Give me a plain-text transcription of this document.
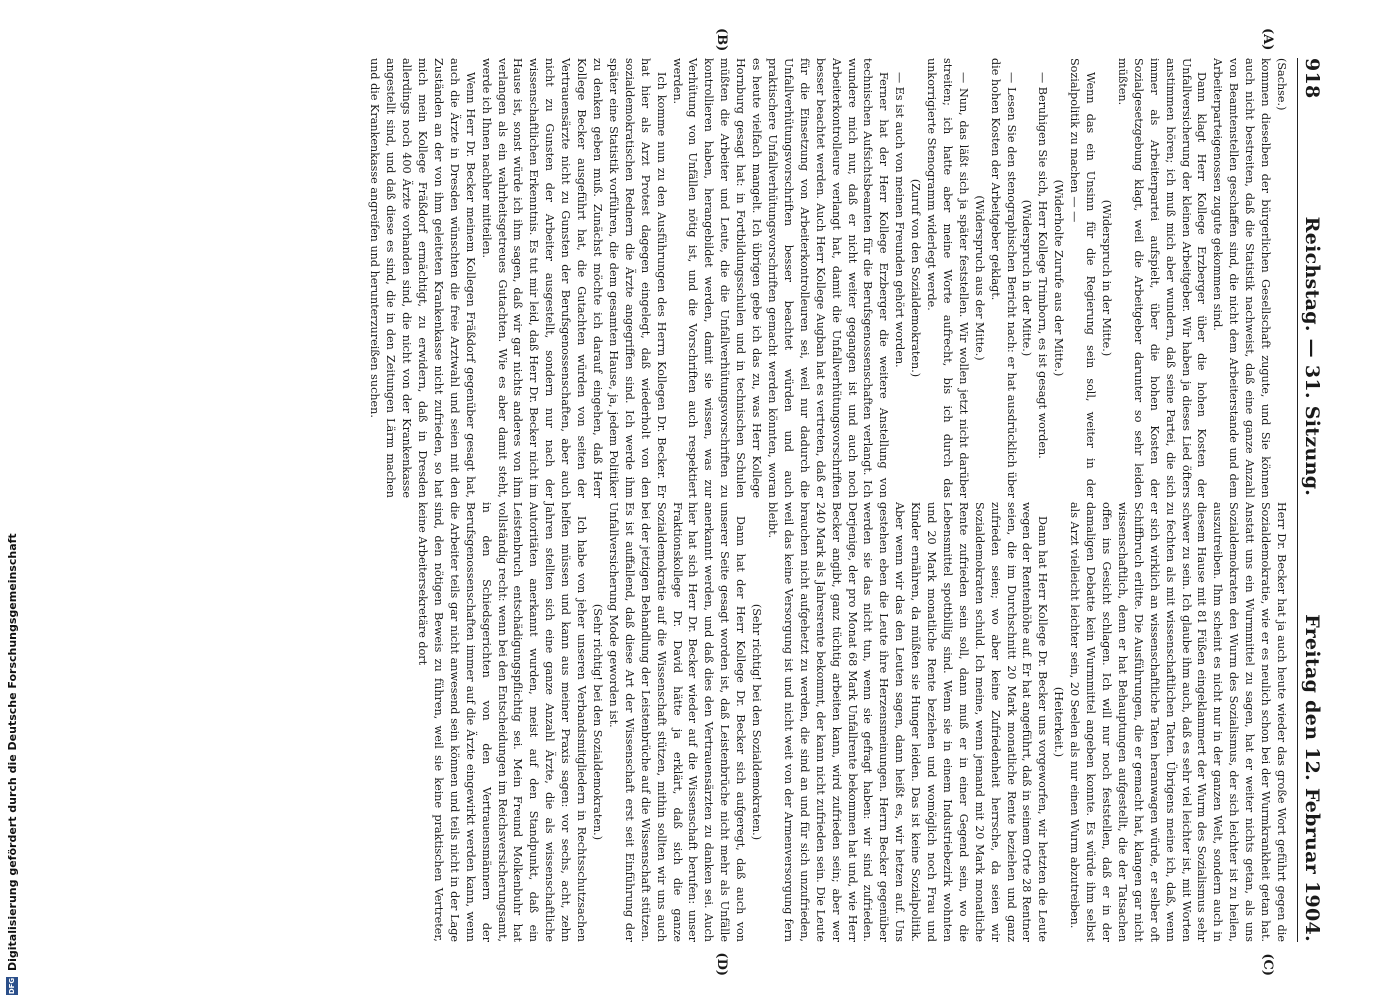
918
Reichstag. — 31. Sitzung.
Freitag den 12. Februar 1904.
(A)
(B)
(C)
(D)

(Sachse.)

kommen dieselben der bürgerlichen Gesellschaft zugute, und Sie können auch nicht bestreiten, daß die Statistik nachweist, daß eine ganze Anzahl von Beamtenstellen geschaffen sind, die nicht dem Arbeiterstande und dem Arbeiterparteigenossen zugute gekommen sind.

Dann klagt Herr Kollege Erzberger über die hohen Kosten der Unfallversicherung der kleinen Arbeitgeber. Wir haben ja dieses Lied öfters anstimmen hören; ich muß mich aber wundern, daß seine Partei, die sich immer als Arbeiterpartei aufspielt, über die hohen Kosten der Sozialgesetzgebung klagt, weil die Arbeitgeber darunter so sehr leiden müßten.

(Widerspruch in der Mitte.)

Wenn das ein Unsinn für die Regierung sein soll, weiter in der Sozialpolitik zu machen — —

(Widerholte Zurufe aus der Mitte.)

— Beruhigen Sie sich, Herr Kollege Trimborn, es ist gesagt worden.

(Widerspruch in der Mitte.)

— Lesen Sie den stenographischen Bericht nach: er hat ausdrücklich über die hohen Kosten der Arbeitgeber geklagt.

(Widerspruch aus der Mitte.)

— Nun, das läßt sich ja später feststellen. Wir wollen jetzt nicht darüber streiten; ich hatte aber meine Worte aufrecht, bis ich durch das unkorrigierte Stenogramm widerlegt werde.

(Zuruf von den Sozialdemokraten.)

— Es ist auch von meinen Freunden gehört worden.

Ferner hat der Herr Kollege Erzberger die weitere Anstellung von technischen Aufsichtsbeamten für die Berufsgenossenschaften verlangt. Ich wundere mich nur, daß er nicht weiter gegangen ist und auch noch Arbeiterkontrolleure verlangt hat, damit die Unfallverhütungsvorschriften besser beachtet werden. Auch Herr Kollege Augban hat es vertreten, daß er für die Einsetzung von Arbeiterkontrolleuren sei, weil nur dadurch die Unfallverhütungsvorschriften besser beachtet würden und auch praktischere Unfallverhütungsvorschriften gemacht werden könnten, woran es heute vielfach mangelt. Ich übrigen gebe ich das zu, was Herr Kollege Hornburg gesagt hat: in Fortbildungsschulen und in technischen Schulen müßten die Arbeiter und Leute, die die Unfallverhütungsvorschriften zu kontrollieren haben, herangebildet werden, damit sie wissen, was zur Verhütung von Unfällen nötig ist, und die Vorschriften auch respektiert werden.

Ich komme nun zu den Ausführungen des Herrn Kollegen Dr. Becker. Er hat hier als Arzt Protest dagegen eingelegt, daß wiederholt von den sozialdemokratischen Rednern die Ärzte angegriffen sind. Ich werde ihm später eine Statistik vorführen, die dem gesamten Hause, ja, jedem Politiker zu denken geben muß. Zunächst möchte ich darauf eingehen, daß Herr Kollege Becker ausgeführt hat, die Gutachten würden von seiten der Vertrauensärzte nicht zu Gunsten der Berufsgenossenschaften, aber auch nicht zu Gunsten der Arbeiter ausgestellt, sondern nur nach der wissenschaftlichen Erkenntnis. Es tut mir leid, daß Herr Dr. Becker nicht im Hause ist, sonst würde ich ihm sagen, daß wir gar nichts anderes von ihm verlangen als ein wahrheitsgetreues Gutachten. Wie es aber damit steht, werde ich Ihnen nachher mitteilen.

Wenn Herr Dr. Becker meinem Kollegen Fräßdorf gegenüber gesagt hat, auch die Ärzte in Dresden wünschten die freie Arztwahl und seien mit den Zuständen an der von ihm geleiteten Krankenkasse nicht zufrieden, so hat mich mein Kollege Fräßdorf ermächtigt, zu erwidern, daß in Dresden allerdings noch 400 Ärzte vorhanden sind, die nicht von der Krankenkasse angestellt sind, und daß diese es sind, die in den Zeitungen Lärm machen und die Krankenkasse angreifen und herunterzureißen suchen.

Herr Dr. Becker hat ja auch heute wieder das große Wort geführt gegen die Sozialdemokratie, wie er es neulich schon bei der Wurmkrankheit getan hat. Anstatt uns ein Wurmmittel zu sagen, hat er weiter nichts getan, als uns Sozialdemokraten den Wurm des Sozialismus, der sich leichter ist zu heilen, auszutreiben. Ihm scheint es nicht nur in der ganzen Welt, sondern auch in diesem Hause mit 81 Füßen eingeklammert der Wurm des Sozialismus sehr schwer zu sein. Ich glaube ihm auch, daß es sehr viel leichter ist, mit Worten zu fechten als mit wissenschaftlichen Taten. Übrigens meine ich, daß, wenn er sich wirklich an wissenschaftliche Taten heranwagen würde, er selber oft Schiffbruch erlitte. Die Ausführungen, die er gemacht hat, klangen gar nicht wissenschaftlich, denn er hat Behauptungen aufgestellt, die der Tatsachen offen ins Gesicht schlagen. Ich will nur noch feststellen, daß er in der damaligen Debatte kein Wurmmittel angeben konnte. Es würde ihm selbst als Arzt vielleicht leichter sein, 20 Seelen als nur einen Wurm abzutreiben.

(Heiterkeit.)

Dann hat Herr Kollege Dr. Becker uns vorgeworfen, wir hetzten die Leute wegen der Rentenhöhe auf. Er hat angeführt, daß in seinem Orte 28 Rentner seien, die im Durchschnitt 20 Mark monatliche Rente beziehen und ganz zufrieden seien; wo aber keine Zufriedenheit herrsche, da seien wir Sozialdemokraten schuld. Ich meine, wenn jemand mit 20 Mark monatliche Rente zufrieden sein soll, dann muß er in einer Gegend sein, wo die Lebensmittel spottbillig sind. Wenn sie in einem Industriebezirk wohnten und 20 Mark monatliche Rente beziehen und womöglich noch Frau und Kinder ernähren, da müßten sie Hunger leiden. Das ist keine Sozialpolitik. Aber wenn wir das den Leuten sagen, dann heißt es, wir hetzen auf. Uns gestehen eben die Leute ihre Herzensmeinungen. Herrn Becker gegenüber werden sie das nicht tun, wenn sie gefragt haben: wir sind zufrieden. Derjenige, der pro Monat 68 Mark Unfallrente bekommen hat und, wie Herr Becker angibt, ganz tüchtig arbeiten kann, wird zufrieden sein; aber wer 240 Mark als Jahresrente bekommt, der kann nicht zufrieden sein. Die Leute brauchen nicht aufgehetzt zu werden, die sind an und für sich unzufrieden, weil das keine Versorgung ist und nicht weit von der Armenversorgung fern bleibt.

(Sehr richtig! bei den Sozialdemokraten.)

Dann hat der Herr Kollege Dr. Becker sich aufgeregt, daß auch von unserer Seite gesagt worden ist, daß Leistenbrüche nicht mehr als Unfälle anerkannt werden, und daß dies den Vertrauensärzten zu danken sei. Auch hier hat sich Herr Dr. Becker wieder auf die Wissenschaft berufen: unser Fraktionskollege Dr. David hätte ja erklärt, daß sich die ganze Sozialdemokratie auf die Wissenschaft stützen, mithin sollten wir uns auch bei der jetzigen Behandlung der Leistenbrüche auf die Wissenschaft stützen. Es ist auffallend, daß diese Art der Wissenschaft erst seit Einführung der Unfallversicherung Mode geworden ist.

(Sehr richtig! bei den Sozialdemokraten.)

Ich habe von jeher unseren Verbandsmitgliedern in Rechtsschutzsachen helfen müssen und kann aus meiner Praxis sagen: vor sechs, acht, zehn Jahren stellten sich eine ganze Anzahl Ärzte, die als wissenschaftliche Autoritäten anerkannt wurden, meist auf den Standpunkt, daß ein Leistenbruch entschädigungspflichtig sei. Mein Freund Molkenbuhr hat vollständig recht: wenn bei den Entscheidungen im Reichsversicherungsamt, in den Schiedsgerichten von den Vertrauensmännern der Berufsgenossenschaften immer auf die Ärzte eingewirkt werden kann, wenn die Arbeiter teils gar nicht anwesend sein können und teils nicht in der Lage sind, den nötigen Beweis zu führen, weil sie keine praktischen Vertreter, keine Arbeitersekretäre dort

DFG
Digitalisierung gefördert durch die Deutsche Forschungsgemeinschaft
